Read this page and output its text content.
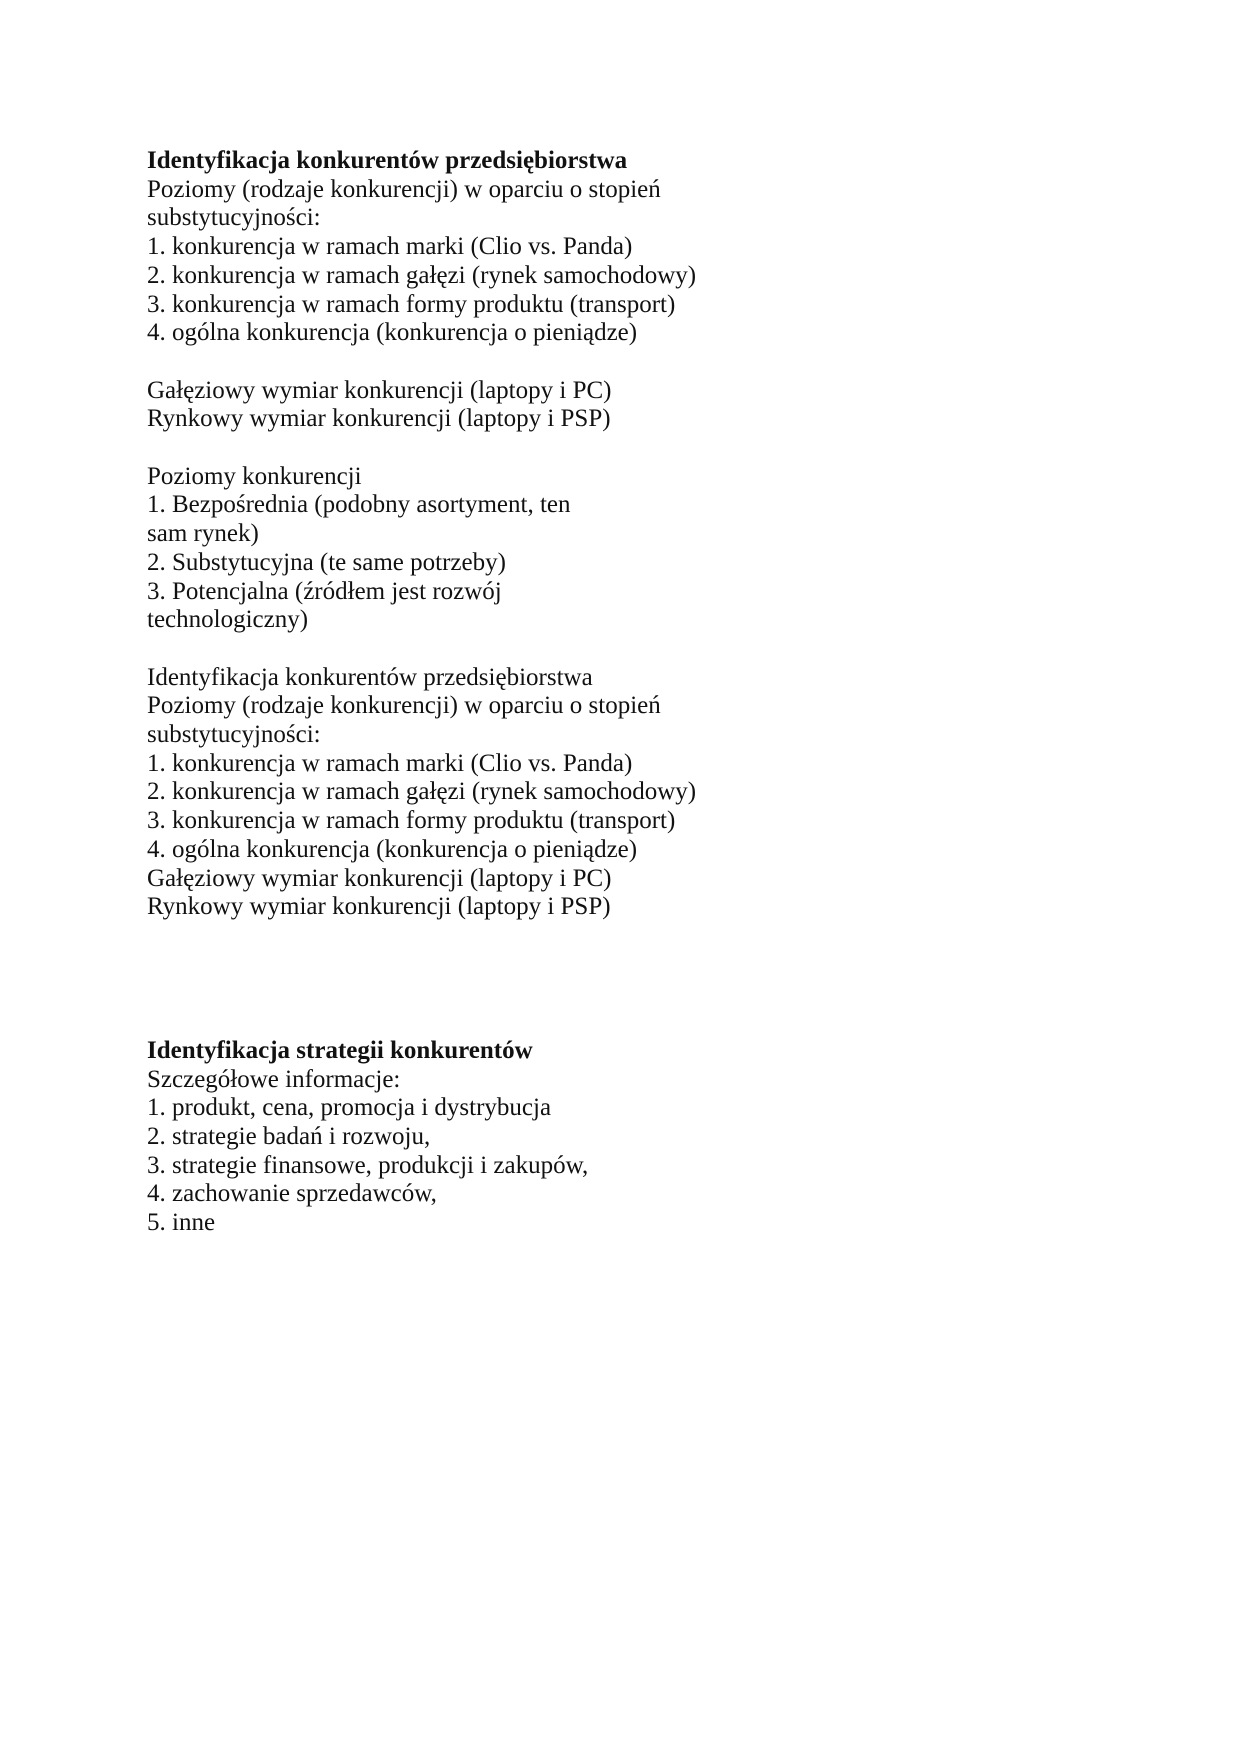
Identyfikacja konkurentów przedsiębiorstwa
Poziomy (rodzaje konkurencji) w oparciu o stopień
substytucyjności:
1. konkurencja w ramach marki (Clio vs. Panda)
2. konkurencja w ramach gałęzi (rynek samochodowy)
3. konkurencja w ramach formy produktu (transport)
4. ogólna konkurencja (konkurencja o pieniądze)
Gałęziowy wymiar konkurencji (laptopy i PC)
Rynkowy wymiar konkurencji (laptopy i PSP)
Poziomy konkurencji
1. Bezpośrednia (podobny asortyment, ten
sam rynek)
2. Substytucyjna (te same potrzeby)
3. Potencjalna (źródłem jest rozwój
technologiczny)
Identyfikacja konkurentów przedsiębiorstwa
Poziomy (rodzaje konkurencji) w oparciu o stopień
substytucyjności:
1. konkurencja w ramach marki (Clio vs. Panda)
2. konkurencja w ramach gałęzi (rynek samochodowy)
3. konkurencja w ramach formy produktu (transport)
4. ogólna konkurencja (konkurencja o pieniądze)
Gałęziowy wymiar konkurencji (laptopy i PC)
Rynkowy wymiar konkurencji (laptopy i PSP)
Identyfikacja strategii konkurentów
Szczegółowe informacje:
1. produkt, cena, promocja i dystrybucja
2. strategie badań i rozwoju,
3. strategie finansowe, produkcji i zakupów,
4. zachowanie sprzedawców,
5. inne
